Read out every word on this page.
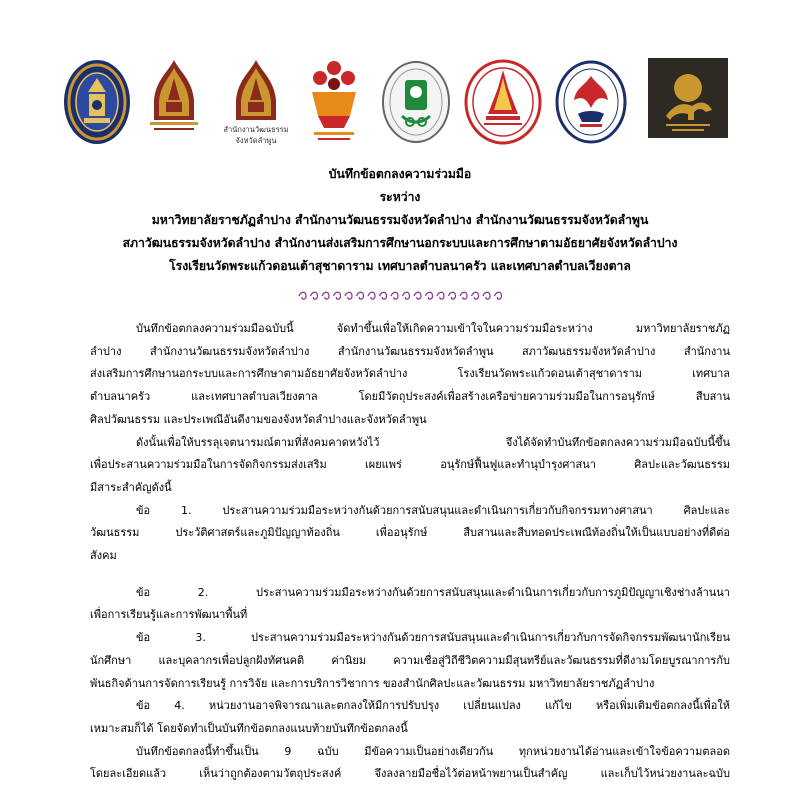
สำนักงานวัฒนธรรม
จังหวัดลำพูน
บันทึกข้อตกลงความร่วมมือ
ระหว่าง
มหาวิทยาลัยราชภัฏลำปาง สำนักงานวัฒนธรรมจังหวัดลำปาง สำนักงานวัฒนธรรมจังหวัดลำพูน
สภาวัฒนธรรมจังหวัดลำปาง สำนักงานส่งเสริมการศึกษานอกระบบและการศึกษาตามอัธยาศัยจังหวัดลำปาง
โรงเรียนวัดพระแก้วดอนเต้าสุชาดาราม เทศบาลตำบลนาครัว และเทศบาลตำบลเวียงตาล

บันทึกข้อตกลงความร่วมมือฉบับนี้ จัดทำขึ้นเพื่อให้เกิดความเข้าใจในความร่วมมือระหว่าง มหาวิทยาลัยราชภัฏ

ลำปาง สำนักงานวัฒนธรรมจังหวัดลำปาง สำนักงานวัฒนธรรมจังหวัดลำพูน สภาวัฒนธรรมจังหวัดลำปาง สำนักงาน

ส่งเสริมการศึกษานอกระบบและการศึกษาตามอัธยาศัยจังหวัดลำปาง โรงเรียนวัดพระแก้วดอนเต้าสุชาดาราม เทศบาล

ตำบลนาครัว และเทศบาลตำบลเวียงตาล โดยมีวัตถุประสงค์เพื่อสร้างเครือข่ายความร่วมมือในการอนุรักษ์ สืบสาน

ศิลปวัฒนธรรม และประเพณีอันดีงามของจังหวัดลำปางและจังหวัดลำพูน

ดังนั้นเพื่อให้บรรลุเจตนารมณ์ตามที่สังคมคาดหวังไว้ จึงได้จัดทำบันทึกข้อตกลงความร่วมมือฉบับนี้ขึ้น

เพื่อประสานความร่วมมือในการจัดกิจกรรมส่งเสริม เผยแพร่ อนุรักษ์ฟื้นฟูและทำนุบำรุงศาสนา ศิลปะและวัฒนธรรม

มีสาระสำคัญดังนี้

ข้อ 1. ประสานความร่วมมือระหว่างกันด้วยการสนับสนุนและดำเนินการเกี่ยวกับกิจกรรมทางศาสนา ศิลปะและ

วัฒนธรรม ประวัติศาสตร์และภูมิปัญญาท้องถิ่น เพื่ออนุรักษ์ สืบสานและสืบทอดประเพณีท้องถิ่นให้เป็นแบบอย่างที่ดีต่อ

สังคม

ข้อ 2. ประสานความร่วมมือระหว่างกันด้วยการสนับสนุนและดำเนินการเกี่ยวกับการภูมิปัญญาเชิงช่างล้านนา

เพื่อการเรียนรู้และการพัฒนาพื้นที่

ข้อ 3. ประสานความร่วมมือระหว่างกันด้วยการสนับสนุนและดำเนินการเกี่ยวกับการจัดกิจกรรมพัฒนานักเรียน

นักศึกษา และบุคลากรเพื่อปลูกฝังทัศนคติ ค่านิยม ความเชื่อสู่วิถีชีวิตความมีสุนทรีย์และวัฒนธรรมที่ดีงามโดยบูรณาการกับ

พันธกิจด้านการจัดการเรียนรู้ การวิจัย และการบริการวิชาการ ของสำนักศิลปะและวัฒนธรรม มหาวิทยาลัยราชภัฏลำปาง

ข้อ 4. หน่วยงานอาจพิจารณาและตกลงให้มีการปรับปรุง เปลี่ยนแปลง แก้ไข หรือเพิ่มเติมข้อตกลงนี้เพื่อให้

เหมาะสมก็ได้ โดยจัดทำเป็นบันทึกข้อตกลงแนบท้ายบันทึกข้อตกลงนี้

บันทึกข้อตกลงนี้ทำขึ้นเป็น 9 ฉบับ มีข้อความเป็นอย่างเดียวกัน ทุกหน่วยงานได้อ่านและเข้าใจข้อความตลอด

โดยละเอียดแล้ว เห็นว่าถูกต้องตามวัตถุประสงค์ จึงลงลายมือชื่อไว้ต่อหน้าพยานเป็นสำคัญ และเก็บไว้หน่วยงานละฉบับ
